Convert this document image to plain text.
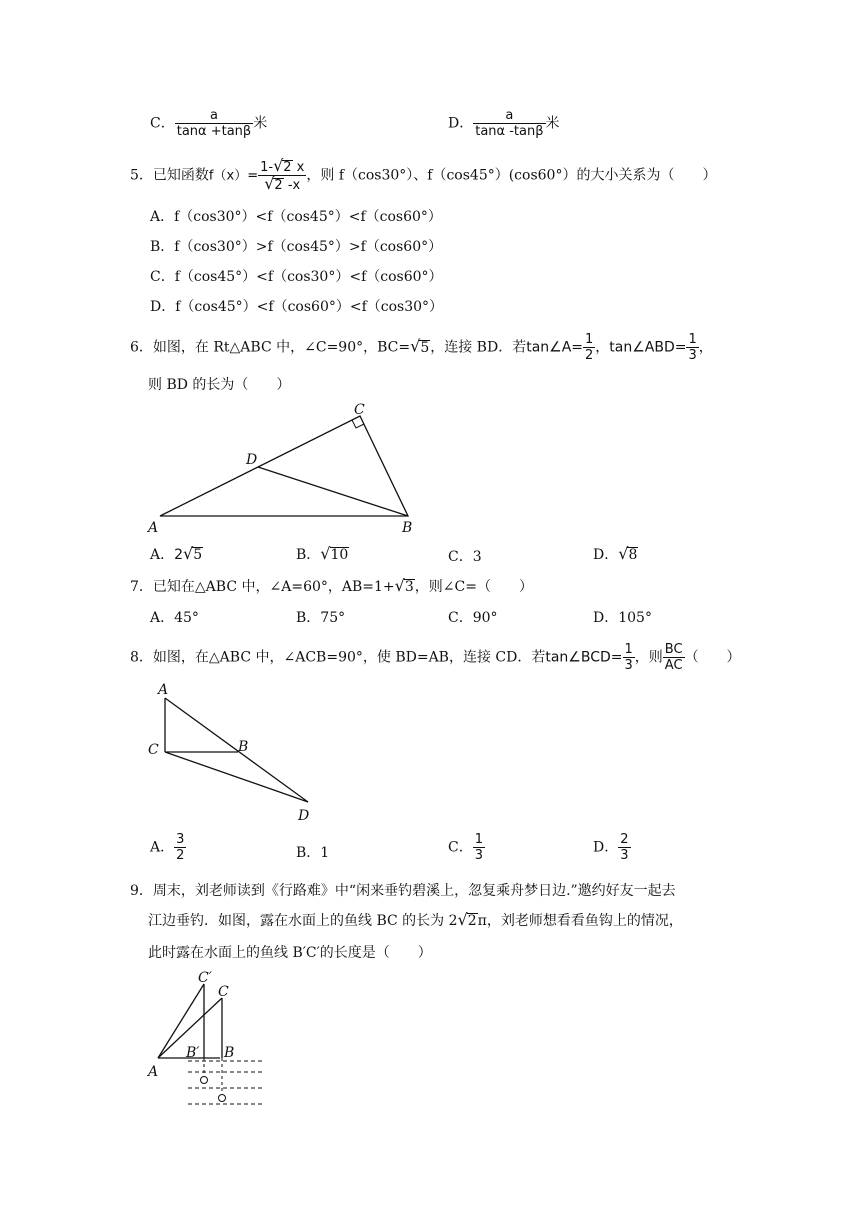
C． $\frac{a}{\tan\alpha +\tan\beta}$ 米	D． $\frac{a}{\tan\alpha -\tan\beta}$ 米
5．已知函数$f(x)= \frac{1-√2 x}{√2 -x}$ ，则 f（cos30°）、f（cos45°）(cos60°）的大小关系为（　　）
A．f（cos30°）<f（cos45°）<f（cos60°）
B．f（cos30°）>f（cos45°）>f（cos60°）
C．f（cos45°）<f（cos30°）<f（cos60°）
D．f（cos45°）<f（cos60°）<f（cos30°）
6．如图，在 Rt△ABC 中，∠C=90°，BC=√5，连接 BD．若tan∠A= $\frac{1}{2}$ ，tan∠ABD= $\frac{1}{3}$ ，
则 BD 的长为（　　）
C
D
A	B
A．2√5	B．√10	C．3	D．√8
7．已知在△ABC 中，∠A=60°，AB=1+√3，则∠C=（　　）
A．45°	B．75°	C．90°	D．105°
8．如图，在△ABC 中，∠ACB=90°，使 BD=AB，连接 CD．若tan∠BCD= $\frac{1}{3}$ ，则 $\frac{BC}{AC}$ （　　）
A
C	B
D
A． $\frac{3}{2}$	B．1	C． $\frac{1}{3}$	D． $\frac{2}{3}$
9．周末，刘老师读到《行路难》中“闲来垂钓碧溪上，忽复乘舟梦日边.”邀约好友一起去
江边垂钓．如图，露在水面上的鱼线 BC 的长为 2√2π，刘老师想看看鱼钩上的情况，
此时露在水面上的鱼线 B′C′的长度是（　　）
C′
C
B′ B
A
